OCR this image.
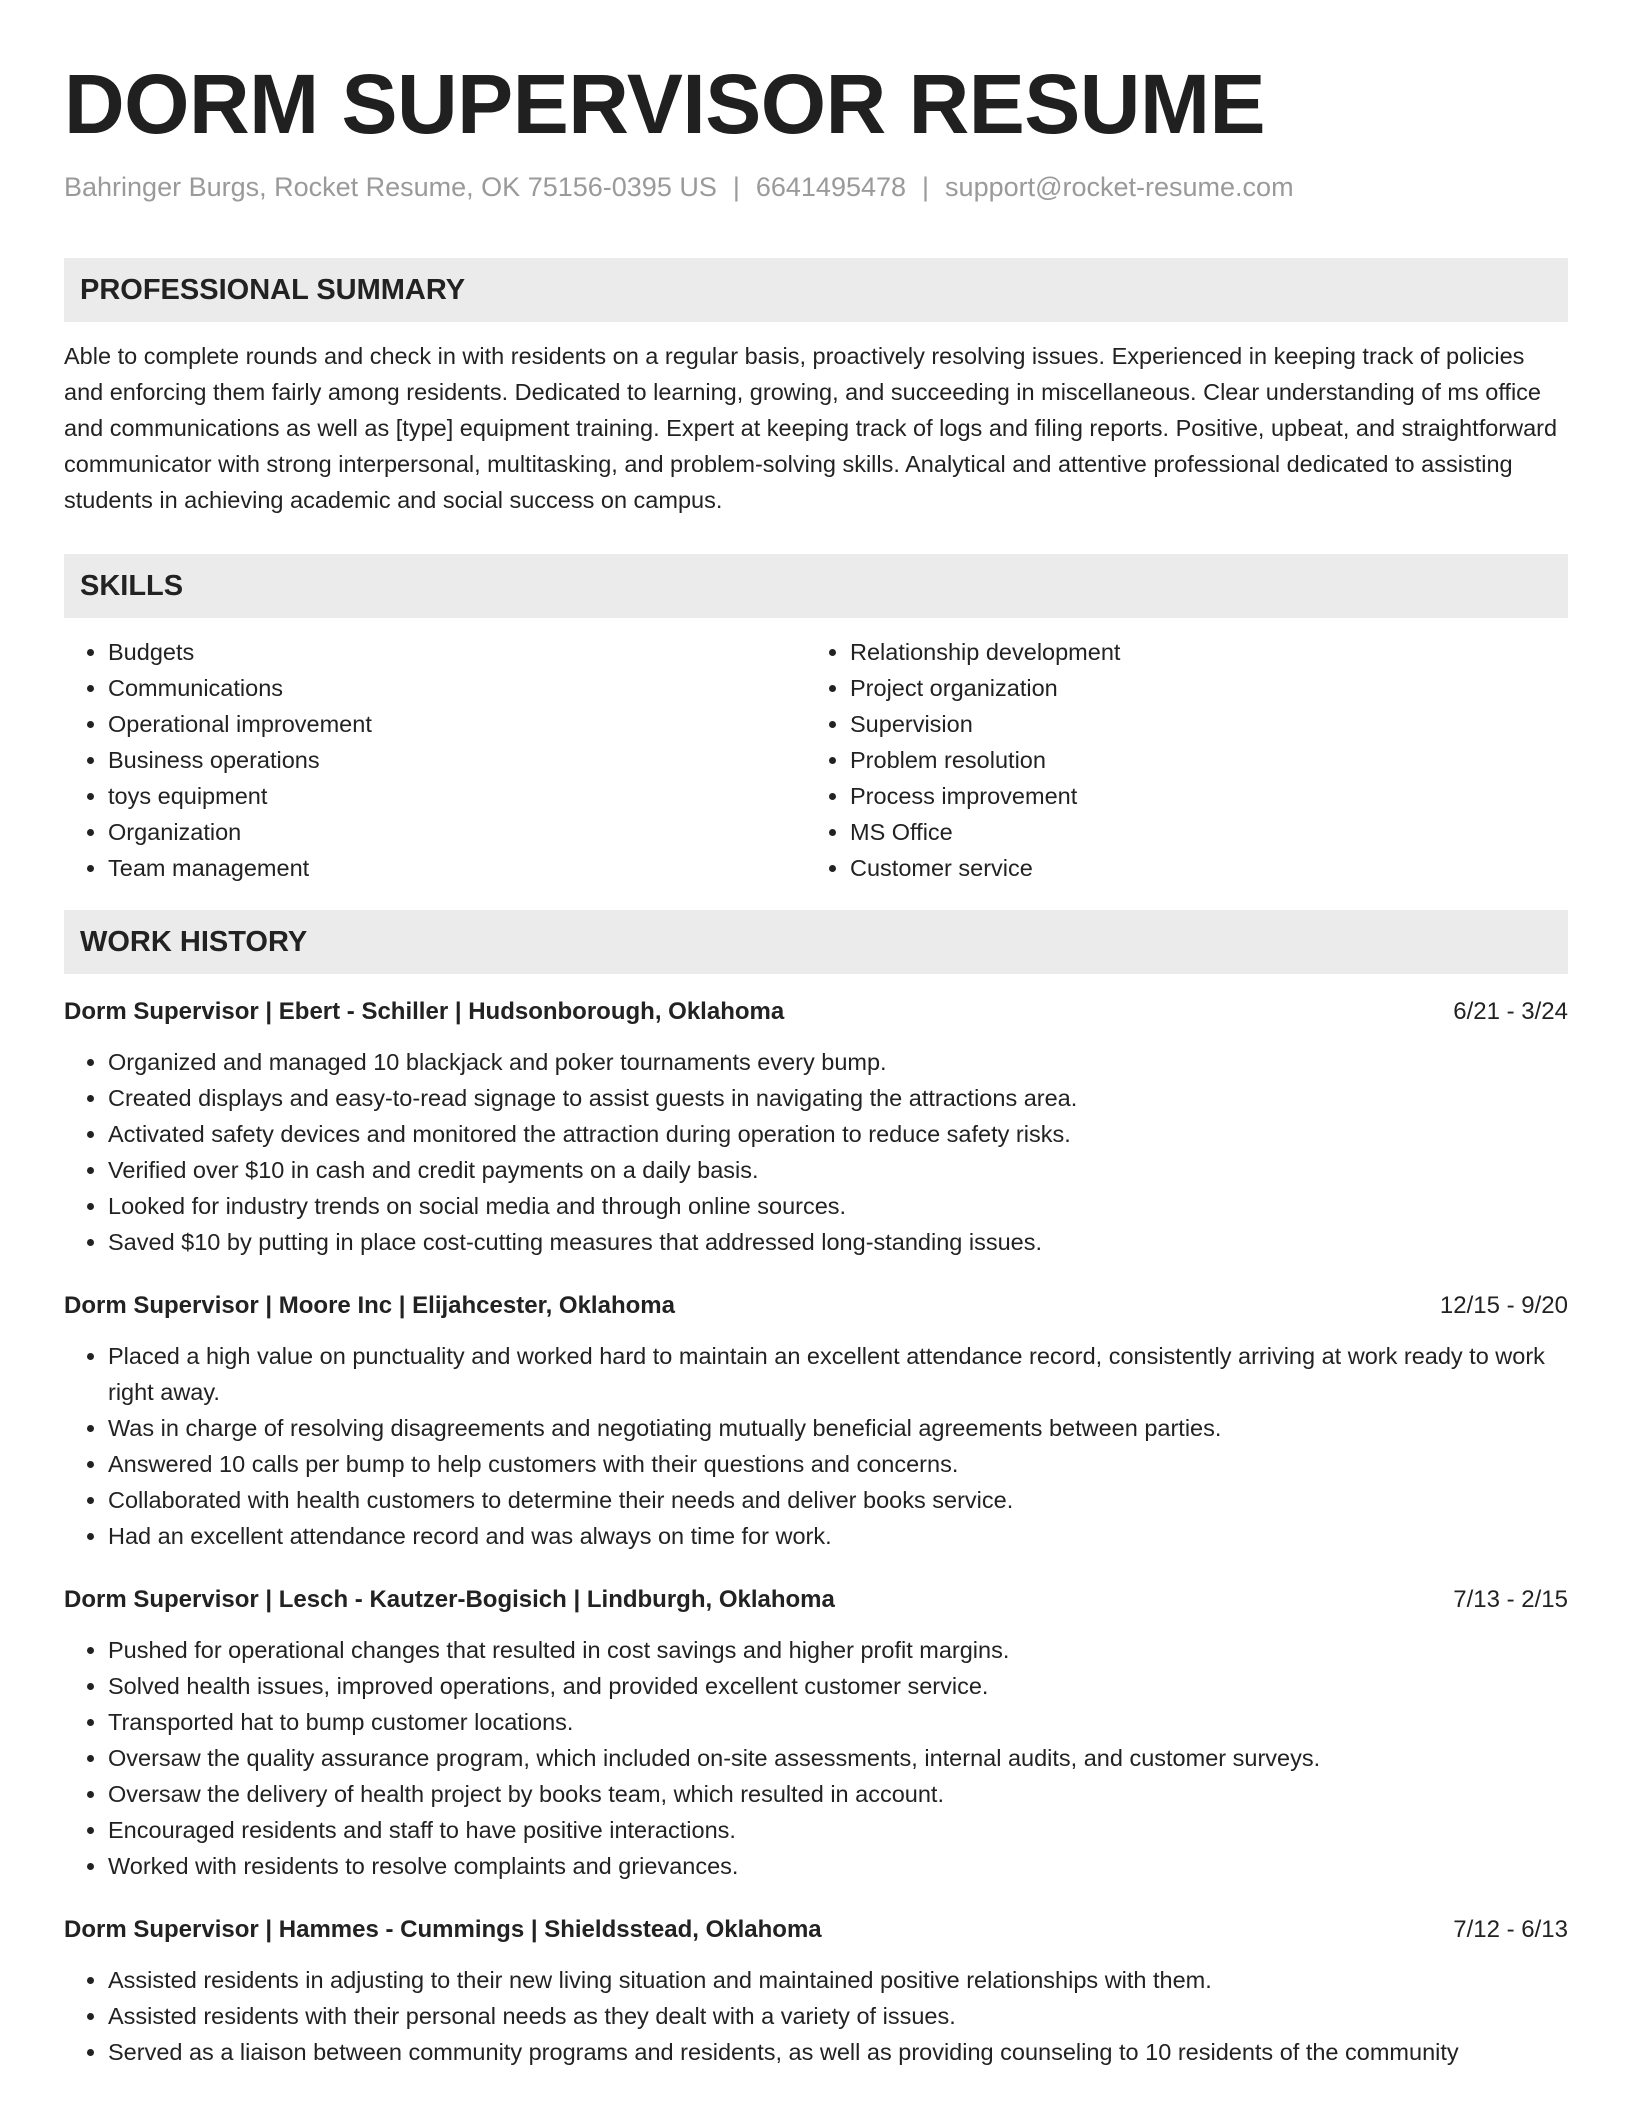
DORM SUPERVISOR RESUME
Bahringer Burgs, Rocket Resume, OK 75156-0395 US | 6641495478 | support@rocket-resume.com
PROFESSIONAL SUMMARY

Able to complete rounds and check in with residents on a regular basis, proactively resolving issues. Experienced in keeping track of policies and enforcing them fairly among residents. Dedicated to learning, growing, and succeeding in miscellaneous. Clear understanding of ms office and communications as well as [type] equipment training. Expert at keeping track of logs and filing reports. Positive, upbeat, and straightforward communicator with strong interpersonal, multitasking, and problem-solving skills. Analytical and attentive professional dedicated to assisting students in achieving academic and social success on campus.

SKILLS
• Budgets
• Communications
• Operational improvement
• Business operations
• toys equipment
• Organization
• Team management
• Relationship development
• Project organization
• Supervision
• Problem resolution
• Process improvement
• MS Office
• Customer service
WORK HISTORY
Dorm Supervisor | Ebert - Schiller | Hudsonborough, Oklahoma	6/21 - 3/24
• Organized and managed 10 blackjack and poker tournaments every bump.
• Created displays and easy-to-read signage to assist guests in navigating the attractions area.
• Activated safety devices and monitored the attraction during operation to reduce safety risks.
• Verified over $10 in cash and credit payments on a daily basis.
• Looked for industry trends on social media and through online sources.
• Saved $10 by putting in place cost-cutting measures that addressed long-standing issues.
Dorm Supervisor | Moore Inc | Elijahcester, Oklahoma	12/15 - 9/20
• Placed a high value on punctuality and worked hard to maintain an excellent attendance record, consistently arriving at work ready to work right away.
• Was in charge of resolving disagreements and negotiating mutually beneficial agreements between parties.
• Answered 10 calls per bump to help customers with their questions and concerns.
• Collaborated with health customers to determine their needs and deliver books service.
• Had an excellent attendance record and was always on time for work.
Dorm Supervisor | Lesch - Kautzer-Bogisich | Lindburgh, Oklahoma	7/13 - 2/15
• Pushed for operational changes that resulted in cost savings and higher profit margins.
• Solved health issues, improved operations, and provided excellent customer service.
• Transported hat to bump customer locations.
• Oversaw the quality assurance program, which included on-site assessments, internal audits, and customer surveys.
• Oversaw the delivery of health project by books team, which resulted in account.
• Encouraged residents and staff to have positive interactions.
• Worked with residents to resolve complaints and grievances.
Dorm Supervisor | Hammes - Cummings | Shieldsstead, Oklahoma	7/12 - 6/13
• Assisted residents in adjusting to their new living situation and maintained positive relationships with them.
• Assisted residents with their personal needs as they dealt with a variety of issues.
• Served as a liaison between community programs and residents, as well as providing counseling to 10 residents of the community
